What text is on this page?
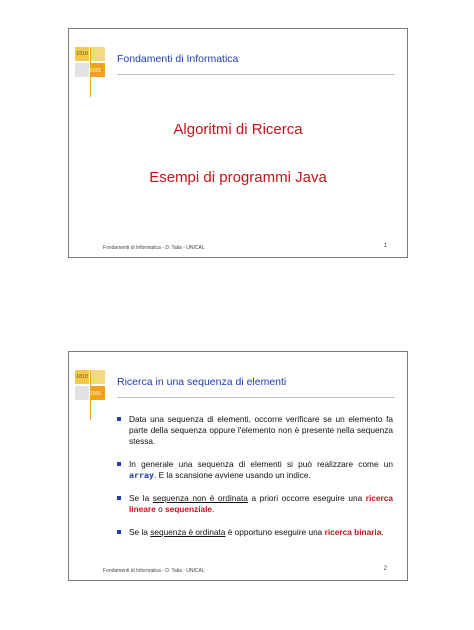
1010
0101
Fondamenti di Informatica
Algoritmi di Ricerca
Esempi di programmi Java
Fondamenti di Informatica - D. Talia - UNICAL	1
1010
0101
Ricerca in una sequenza di elementi
Data una sequenza di elementi, occorre verificare se un elemento fa parte della sequenza oppure l'elemento non è presente nella sequenza stessa.
In generale una sequenza di elementi si può realizzare come un array. E la scansione avviene usando un indice.
Se la sequenza non è ordinata a priori occorre eseguire una ricerca lineare o sequenziale.
Se la sequenza è ordinata è opportuno eseguire una ricerca binaria.
Fondamenti di Informatica - D. Talia - UNICAL	2
